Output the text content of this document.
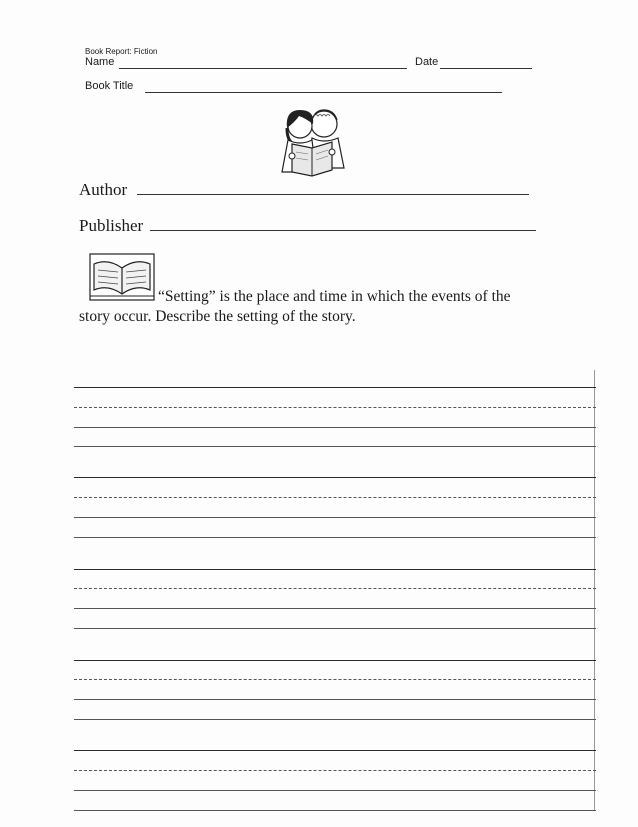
Book Report: Fiction
Name	Date
Book Title
Author
Publisher
“Setting” is the place and time in which the events of the
story occur. Describe the setting of the story.
